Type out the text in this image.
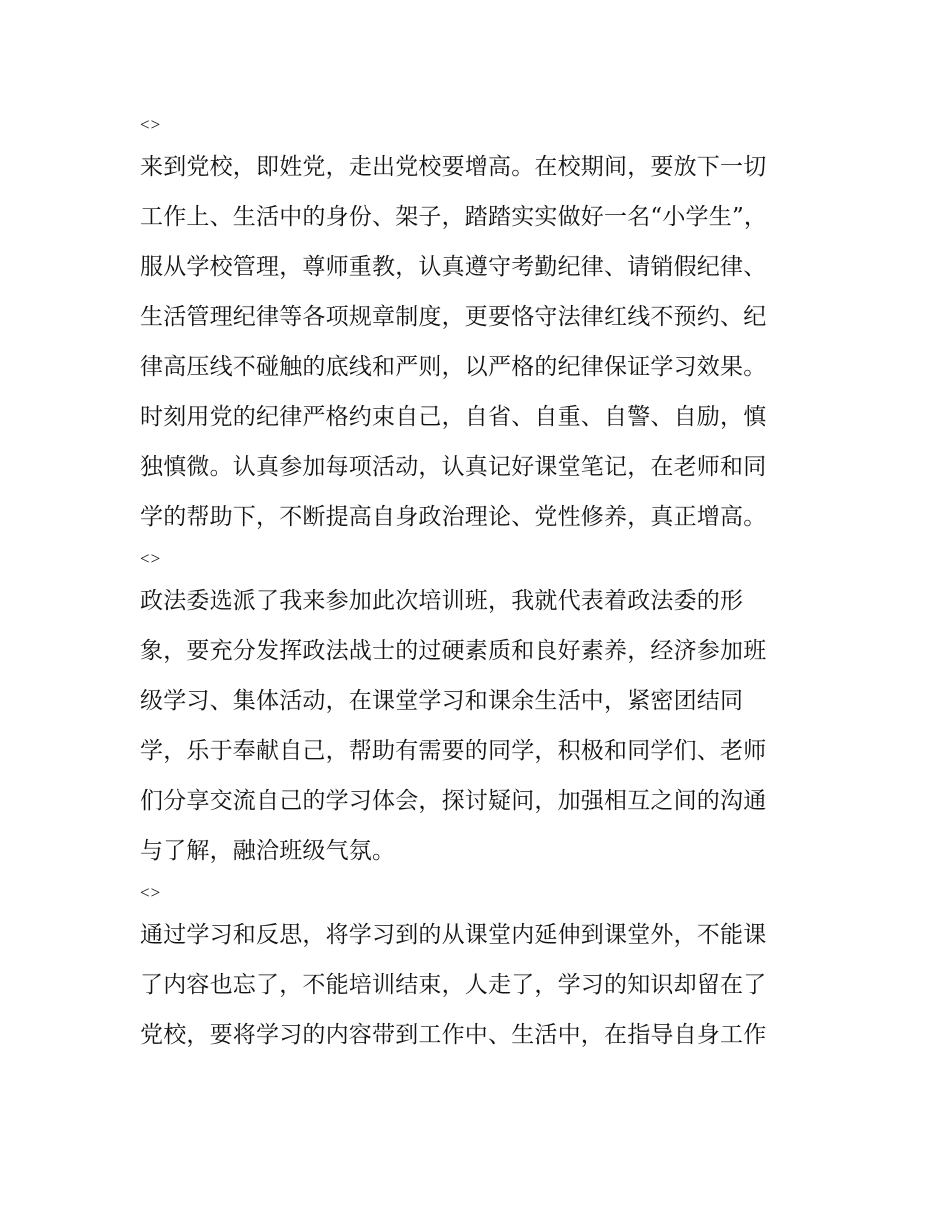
<>

来到党校，即姓党，走出党校要增高。在校期间，要放下一切
工作上、生活中的身份、架子，踏踏实实做好一名“小学生”，
服从学校管理，尊师重教，认真遵守考勤纪律、请销假纪律、
生活管理纪律等各项规章制度，更要恪守法律红线不预约、纪
律高压线不碰触的底线和严则，以严格的纪律保证学习效果。
时刻用党的纪律严格约束自己，自省、自重、自警、自励，慎
独慎微。认真参加每项活动，认真记好课堂笔记，在老师和同
学的帮助下，不断提高自身政治理论、党性修养，真正增高。

<>

政法委选派了我来参加此次培训班，我就代表着政法委的形
象，要充分发挥政法战士的过硬素质和良好素养，经济参加班
级学习、集体活动，在课堂学习和课余生活中，紧密团结同
学，乐于奉献自己，帮助有需要的同学，积极和同学们、老师
们分享交流自己的学习体会，探讨疑问，加强相互之间的沟通
与了解，融洽班级气氛。

<>

通过学习和反思，将学习到的从课堂内延伸到课堂外，不能课
了内容也忘了，不能培训结束，人走了，学习的知识却留在了
党校，要将学习的内容带到工作中、生活中，在指导自身工作
